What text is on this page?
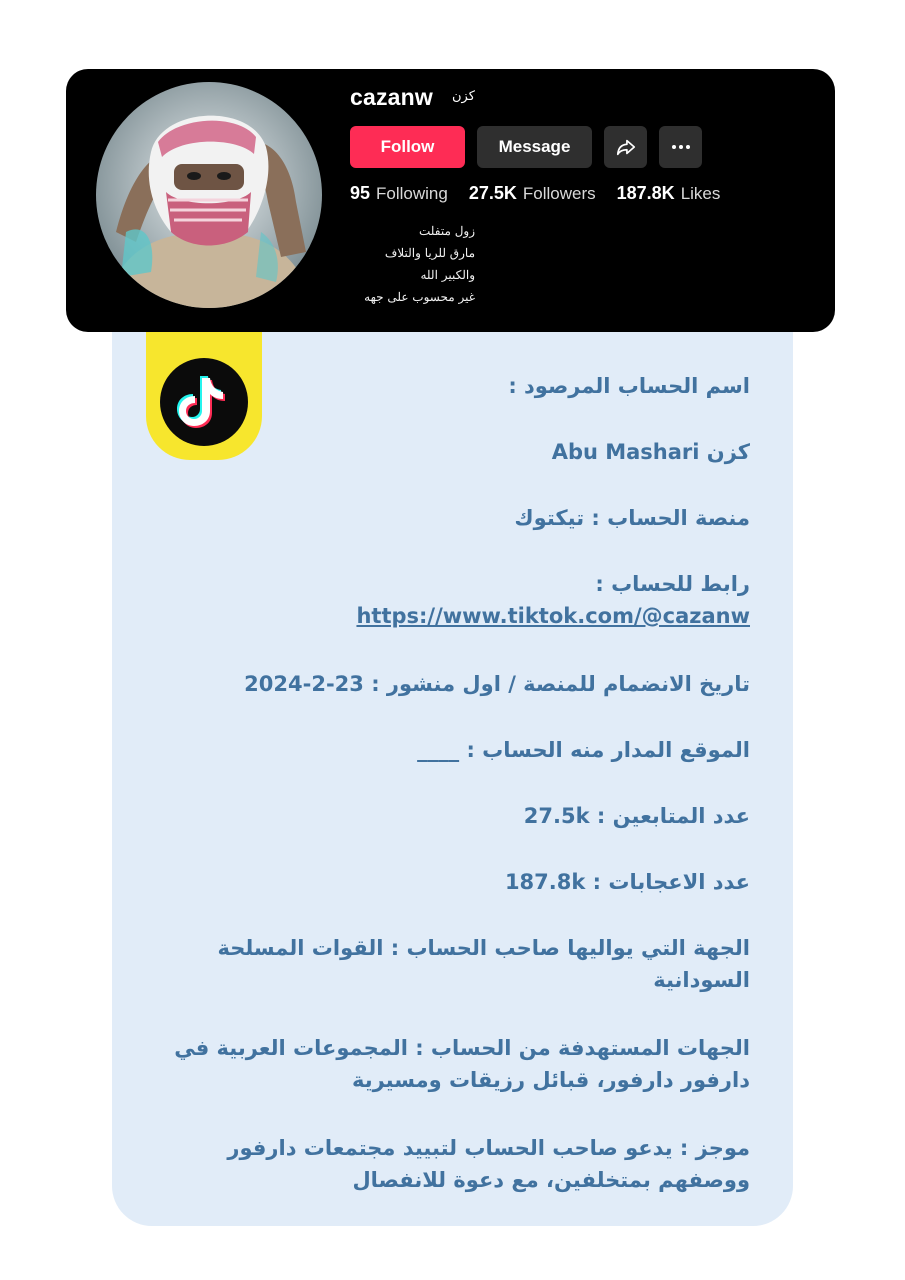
cazanw كزن
Follow	Message
95 Following 27.5K Followers 187.8K Likes
زول متفلت
مارق للريا والتلاف
والكبير الله
غير محسوب على جهه
اسم الحساب المرصود :
كزن Abu Mashari
منصة الحساب : تيكتوك
رابط للحساب :
https://www.tiktok.com/@cazanw
تاريخ الانضمام للمنصة / اول منشور : 23-2-2024
الموقع المدار منه الحساب : ____
عدد المتابعين : 27.5k
عدد الاعجابات : 187.8k
الجهة التي يواليها صاحب الحساب : القوات المسلحة السودانية
الجهات المستهدفة من الحساب : المجموعات العربية في دارفور دارفور، قبائل رزيقات ومسيرية
موجز : يدعو صاحب الحساب لتبييد مجتمعات دارفور ووصفهم بمتخلفين، مع دعوة للانفصال
